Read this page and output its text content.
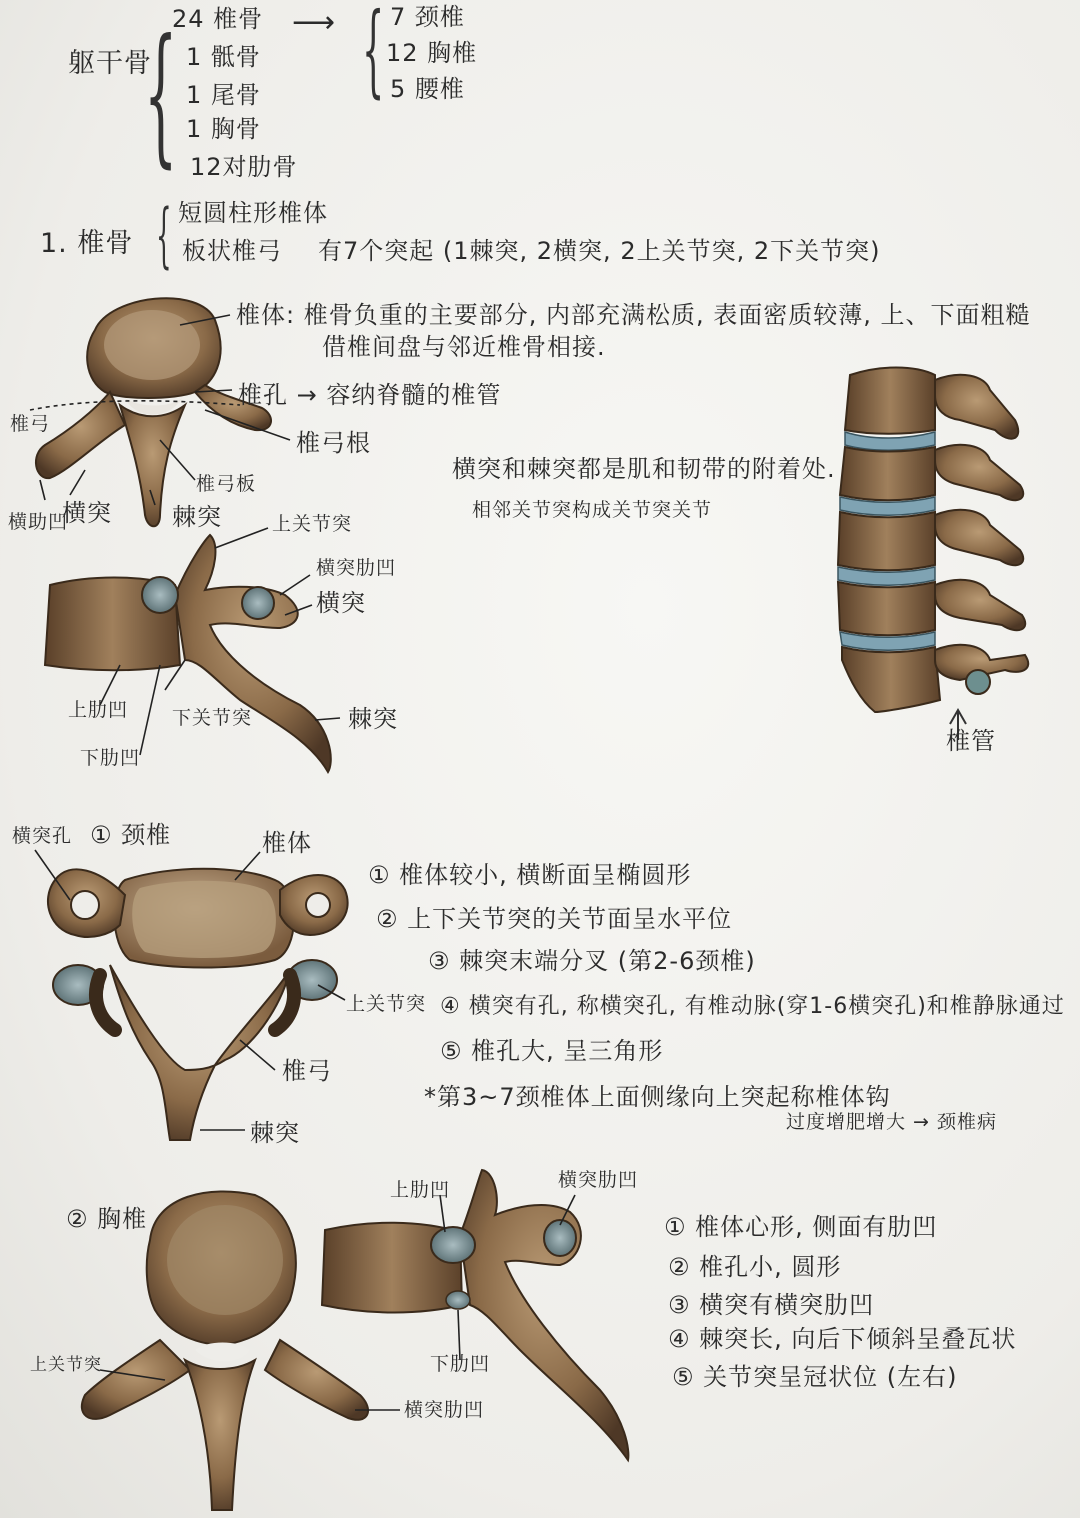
躯干骨
{
24 椎骨
1 骶骨
1 尾骨
1 胸骨
12对肋骨
⟶ { 7 颈椎
12 胸椎
5 腰椎
1. 椎骨 { 短圆柱形椎体
板状椎弓 有7个突起 (1棘突, 2横突, 2上关节突, 2下关节突)
椎体: 椎骨负重的主要部分, 内部充满松质, 表面密质较薄, 上、下面粗糙
借椎间盘与邻近椎骨相接.
椎孔 → 容纳脊髓的椎管
椎弓
椎弓根
椎弓板
横助凹
横突	棘突
横突和棘突都是肌和韧带的附着处.
相邻关节突构成关节突关节
上关节突
横突肋凹
横突
上肋凹 下关节突	棘突
下肋凹
椎管
① 颈椎
横突孔	椎体
上关节突
椎弓
棘突
① 椎体较小, 横断面呈椭圆形
② 上下关节突的关节面呈水平位
③ 棘突末端分叉 (第2-6颈椎)
④ 横突有孔, 称横突孔, 有椎动脉(穿1-6横突孔)和椎静脉通过
⑤ 椎孔大, 呈三角形
*第3~7颈椎体上面侧缘向上突起称椎体钩
过度增肥增大 → 颈椎病
② 胸椎
上肋凹	横突肋凹
下肋凹
上关节突
横突肋凹
① 椎体心形, 侧面有肋凹
② 椎孔小, 圆形
③ 横突有横突肋凹
④ 棘突长, 向后下倾斜呈叠瓦状
⑤ 关节突呈冠状位 (左右)
